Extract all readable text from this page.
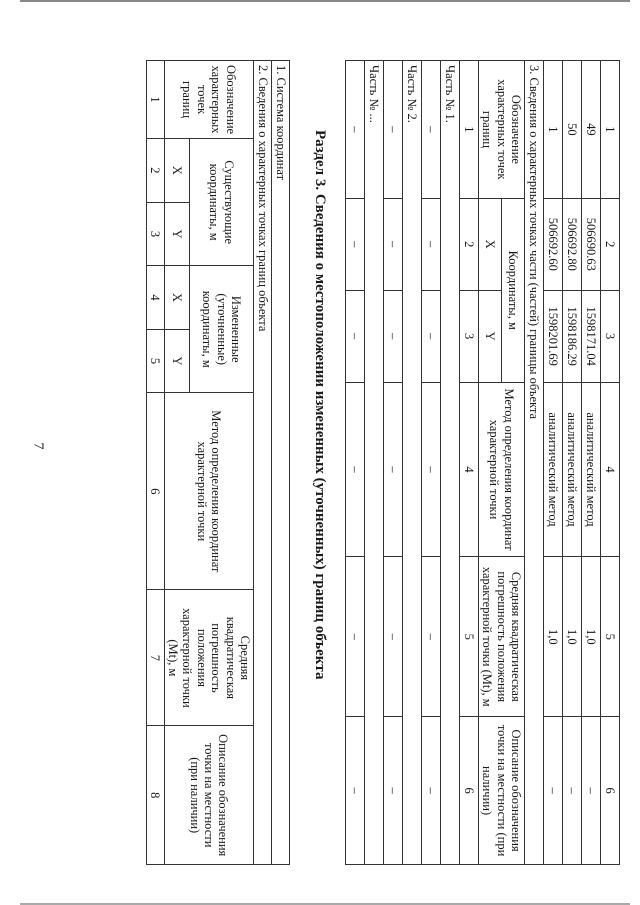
7
1	2	3	4	5	6
49	506690.63	1598171.04	аналитический метод	1,0	–
50	506692.80	1598186.29	аналитический метод	1,0	–
1	506692.60	1598201.69	аналитический метод	1,0	–
3. Сведения о характерных точках части (частей) границы объекта					
Обозначение характерных точек границ	Координаты, м		Метод определения координат характерной точки	Средняя квадратическая погрешность положения характерной точки (Mt), м	Описание обозначения точки на местности (при наличии)
	X	Y			
1	2	3	4	5	6
Часть № 1.					
–	–	–	–	–	–
Часть № 2.					
–	–	–	–	–	–
Часть № ...					
–	–	–	–	–	–
Раздел 3. Сведения о местоположении измененных (уточненных) границ объекта
1. Система координат							
2. Сведения о характерных точках границ объекта							
Обозначение характерных точек границ	Существующие координаты, м		Измененные (уточненные) координаты, м		Метод определения координат характерной точки	Средняя квадратическая погрешность положения характерной точки (Mt), м	Описание обозначения точки на местности (при наличии)
	X	Y	X	Y			
1	2	3	4	5	6	7	8
